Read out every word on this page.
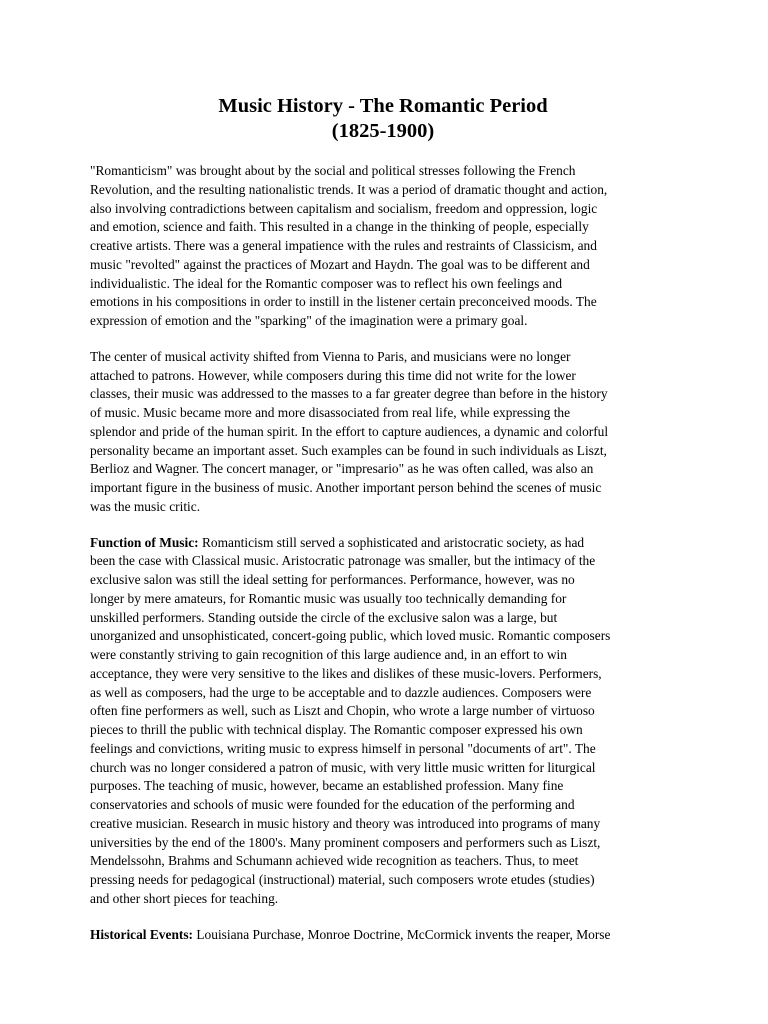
Music History - The Romantic Period
(1825-1900)
"Romanticism" was brought about by the social and political stresses following the French
Revolution, and the resulting nationalistic trends. It was a period of dramatic thought and action,
also involving contradictions between capitalism and socialism, freedom and oppression, logic
and emotion, science and faith. This resulted in a change in the thinking of people, especially
creative artists. There was a general impatience with the rules and restraints of Classicism, and
music "revolted" against the practices of Mozart and Haydn. The goal was to be different and
individualistic. The ideal for the Romantic composer was to reflect his own feelings and
emotions in his compositions in order to instill in the listener certain preconceived moods. The
expression of emotion and the "sparking" of the imagination were a primary goal.
The center of musical activity shifted from Vienna to Paris, and musicians were no longer
attached to patrons. However, while composers during this time did not write for the lower
classes, their music was addressed to the masses to a far greater degree than before in the history
of music. Music became more and more disassociated from real life, while expressing the
splendor and pride of the human spirit. In the effort to capture audiences, a dynamic and colorful
personality became an important asset. Such examples can be found in such individuals as Liszt,
Berlioz and Wagner. The concert manager, or "impresario" as he was often called, was also an
important figure in the business of music. Another important person behind the scenes of music
was the music critic.
Function of Music: Romanticism still served a sophisticated and aristocratic society, as had
been the case with Classical music. Aristocratic patronage was smaller, but the intimacy of the
exclusive salon was still the ideal setting for performances. Performance, however, was no
longer by mere amateurs, for Romantic music was usually too technically demanding for
unskilled performers. Standing outside the circle of the exclusive salon was a large, but
unorganized and unsophisticated, concert-going public, which loved music. Romantic composers
were constantly striving to gain recognition of this large audience and, in an effort to win
acceptance, they were very sensitive to the likes and dislikes of these music-lovers. Performers,
as well as composers, had the urge to be acceptable and to dazzle audiences. Composers were
often fine performers as well, such as Liszt and Chopin, who wrote a large number of virtuoso
pieces to thrill the public with technical display. The Romantic composer expressed his own
feelings and convictions, writing music to express himself in personal "documents of art". The
church was no longer considered a patron of music, with very little music written for liturgical
purposes. The teaching of music, however, became an established profession. Many fine
conservatories and schools of music were founded for the education of the performing and
creative musician. Research in music history and theory was introduced into programs of many
universities by the end of the 1800's. Many prominent composers and performers such as Liszt,
Mendelssohn, Brahms and Schumann achieved wide recognition as teachers. Thus, to meet
pressing needs for pedagogical (instructional) material, such composers wrote etudes (studies)
and other short pieces for teaching.
Historical Events: Louisiana Purchase, Monroe Doctrine, McCormick invents the reaper, Morse
